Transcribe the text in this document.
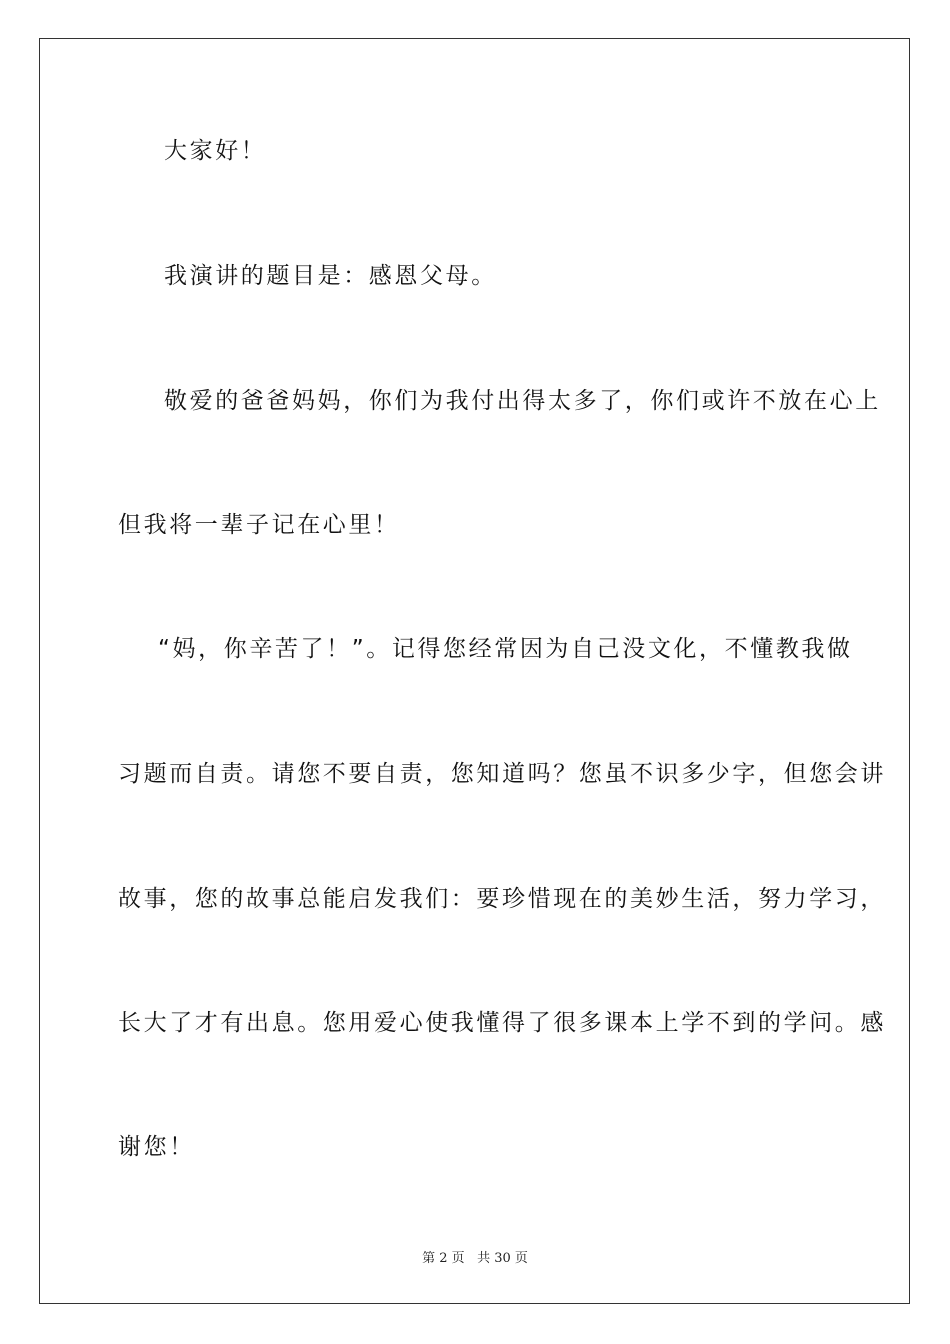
大家好！
我演讲的题目是：感恩父母。
敬爱的爸爸妈妈，你们为我付出得太多了，你们或许不放在心上
但我将一辈子记在心里！
“妈，你辛苦了！”。记得您经常因为自己没文化，不懂教我做
习题而自责。请您不要自责，您知道吗？您虽不识多少字，但您会讲
故事，您的故事总能启发我们：要珍惜现在的美妙生活，努力学习，
长大了才有出息。您用爱心使我懂得了很多课本上学不到的学问。感
谢您！
第 2 页 共 30 页
